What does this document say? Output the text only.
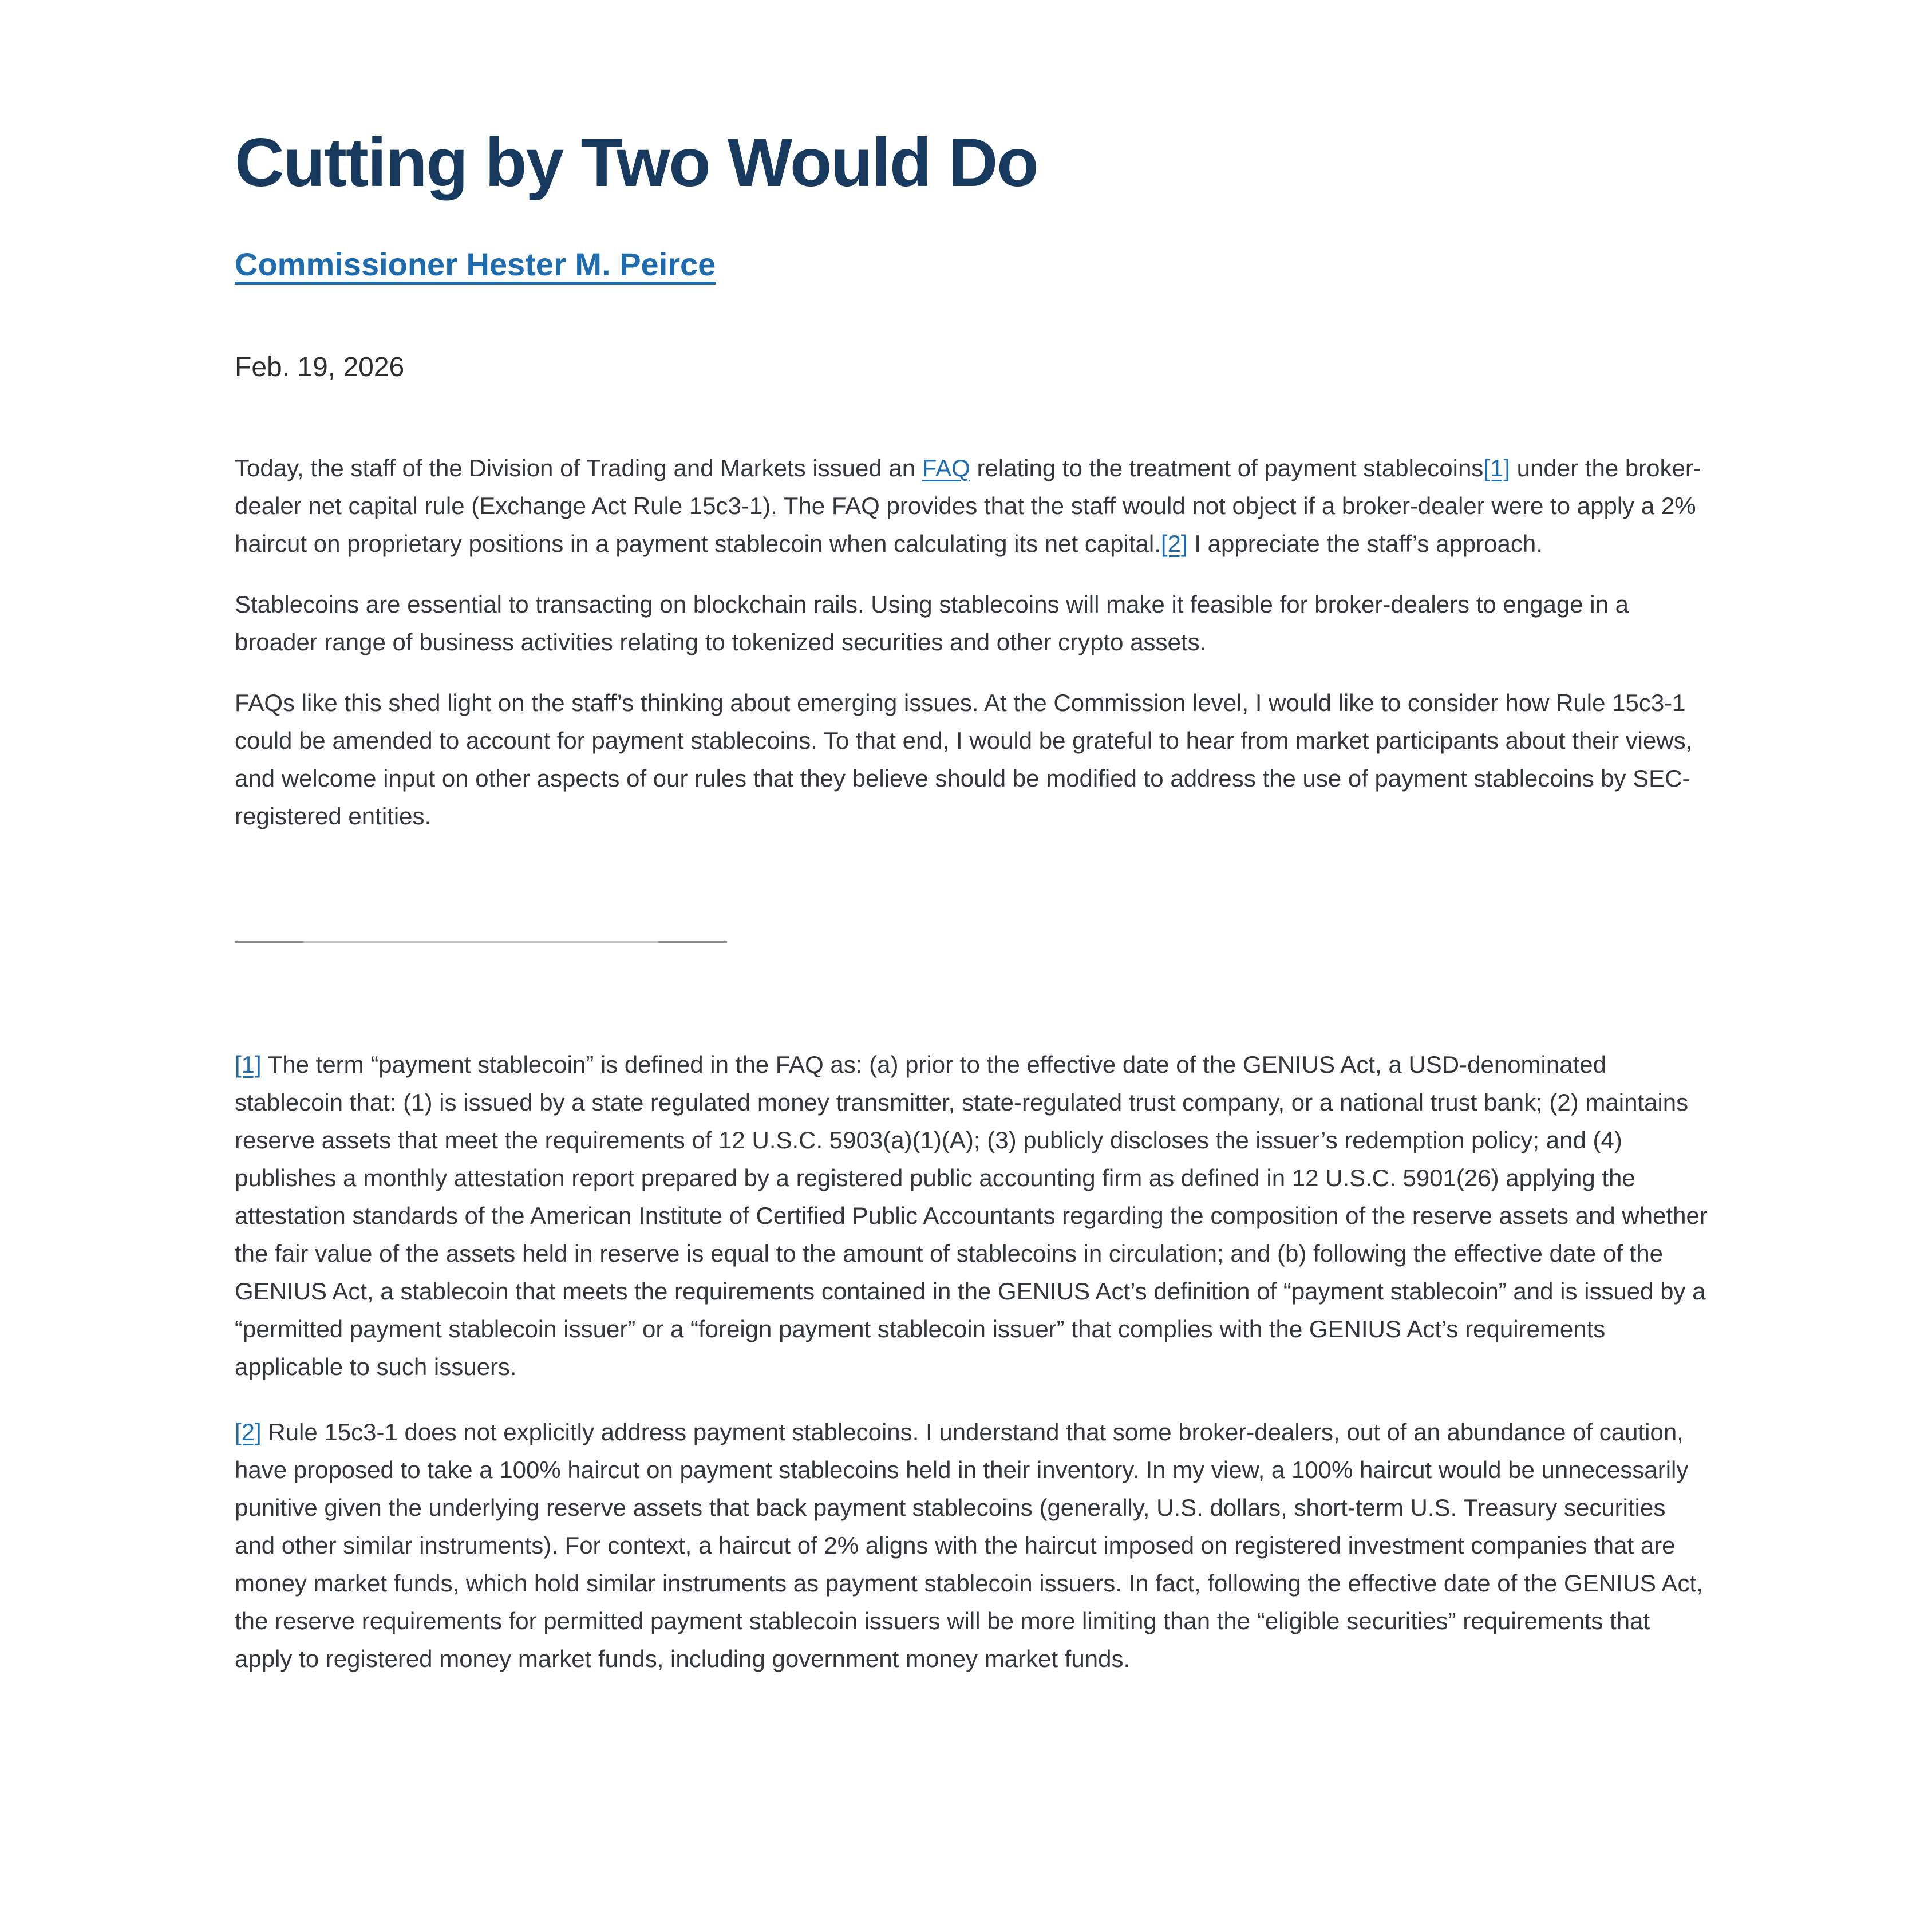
Cutting by Two Would Do
Commissioner Hester M. Peirce
Feb. 19, 2026

Today, the staff of the Division of Trading and Markets issued an FAQ relating to the treatment of payment stablecoins[1] under the broker-dealer net capital rule (Exchange Act Rule 15c3-1). The FAQ provides that the staff would not object if a broker-dealer were to apply a 2% haircut on proprietary positions in a payment stablecoin when calculating its net capital.[2] I appreciate the staff’s approach.

Stablecoins are essential to transacting on blockchain rails. Using stablecoins will make it feasible for broker-dealers to engage in a broader range of business activities relating to tokenized securities and other crypto assets.

FAQs like this shed light on the staff’s thinking about emerging issues. At the Commission level, I would like to consider how Rule 15c3-1 could be amended to account for payment stablecoins. To that end, I would be grateful to hear from market participants about their views, and welcome input on other aspects of our rules that they believe should be modified to address the use of payment stablecoins by SEC-registered entities.

[1] The term “payment stablecoin” is defined in the FAQ as: (a) prior to the effective date of the GENIUS Act, a USD-denominated stablecoin that: (1) is issued by a state regulated money transmitter, state-regulated trust company, or a national trust bank; (2) maintains reserve assets that meet the requirements of 12 U.S.C. 5903(a)(1)(A); (3) publicly discloses the issuer’s redemption policy; and (4) publishes a monthly attestation report prepared by a registered public accounting firm as defined in 12 U.S.C. 5901(26) applying the attestation standards of the American Institute of Certified Public Accountants regarding the composition of the reserve assets and whether the fair value of the assets held in reserve is equal to the amount of stablecoins in circulation; and (b) following the effective date of the GENIUS Act, a stablecoin that meets the requirements contained in the GENIUS Act’s definition of “payment stablecoin” and is issued by a “permitted payment stablecoin issuer” or a “foreign payment stablecoin issuer” that complies with the GENIUS Act’s requirements applicable to such issuers.

[2] Rule 15c3-1 does not explicitly address payment stablecoins. I understand that some broker-dealers, out of an abundance of caution, have proposed to take a 100% haircut on payment stablecoins held in their inventory. In my view, a 100% haircut would be unnecessarily punitive given the underlying reserve assets that back payment stablecoins (generally, U.S. dollars, short-term U.S. Treasury securities and other similar instruments). For context, a haircut of 2% aligns with the haircut imposed on registered investment companies that are money market funds, which hold similar instruments as payment stablecoin issuers. In fact, following the effective date of the GENIUS Act, the reserve requirements for permitted payment stablecoin issuers will be more limiting than the “eligible securities” requirements that apply to registered money market funds, including government money market funds.
